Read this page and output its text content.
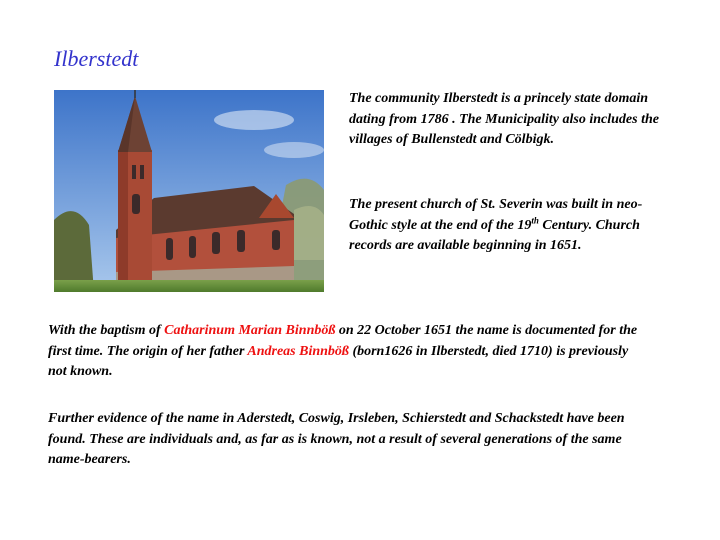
Ilberstedt

The community Ilberstedt is a princely state domain dating from 1786 . The Municipality also includes the villages of Bullenstedt and Cölbigk.

The present church of St. Severin was built in neo-Gothic style at the end of the 19th Century. Church records are available beginning in 1651.

With the baptism of Catharinum Marian Binnböß on 22 October 1651 the name is documented for the first time. The origin of her father Andreas Binnböß (born1626 in Ilberstedt, died 1710) is previously not known.

Further evidence of the name in Aderstedt, Coswig, Irsleben, Schierstedt and Schackstedt have been found. These are individuals and, as far as is known, not a result of several generations of the same name-bearers.
